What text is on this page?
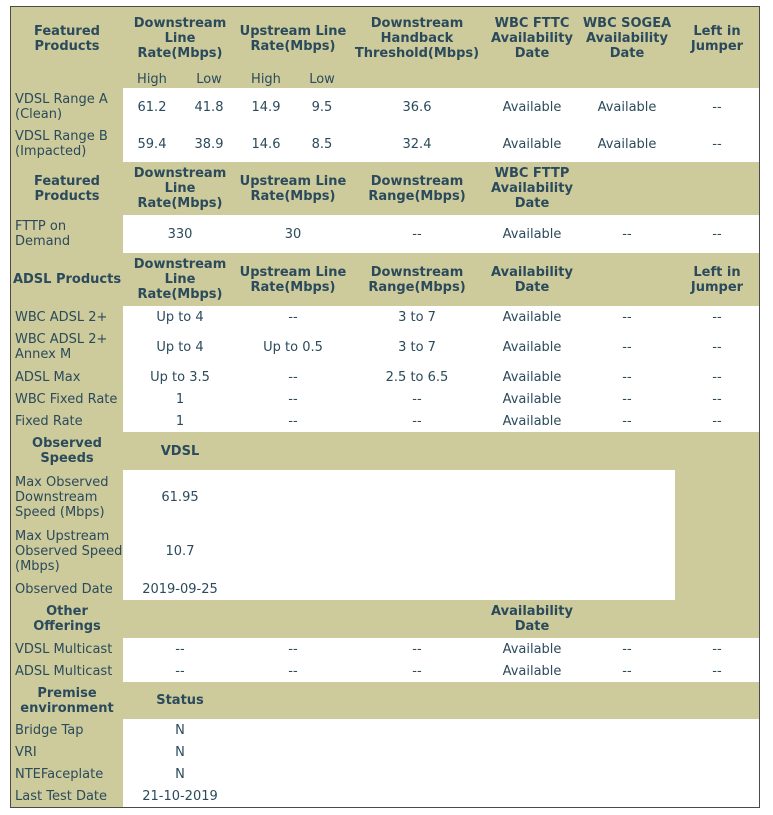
Featured Products	Downstream Line Rate(Mbps)		Upstream Line Rate(Mbps)		Downstream Handback Threshold(Mbps)	WBC FTTC Availability Date	WBC SOGEA Availability Date	Left in Jumper
	High	Low	High	Low				
VDSL Range A (Clean)	61.2	41.8	14.9	9.5	36.6	Available	Available	--
VDSL Range B (Impacted)	59.4	38.9	14.6	8.5	32.4	Available	Available	--
Featured Products	Downstream Line Rate(Mbps)		Upstream Line Rate(Mbps)		Downstream Range(Mbps)	WBC FTTP Availability Date		
FTTP on Demand	330		30		--	Available	--	--
ADSL Products	Downstream Line Rate(Mbps)		Upstream Line Rate(Mbps)		Downstream Range(Mbps)	Availability Date		Left in Jumper
WBC ADSL 2+	Up to 4		--		3 to 7	Available	--	--
WBC ADSL 2+ Annex M	Up to 4		Up to 0.5		3 to 7	Available	--	--
ADSL Max	Up to 3.5		--		2.5 to 6.5	Available	--	--
WBC Fixed Rate	1		--		--	Available	--	--
Fixed Rate	1		--		--	Available	--	--
Observed Speeds	VDSL							
Max Observed Downstream Speed (Mbps)	61.95							
Max Upstream Observed Speed (Mbps)	10.7							
Observed Date	2019-09-25							
Other Offerings						Availability Date		
VDSL Multicast	--		--		--	Available	--	--
ADSL Multicast	--		--		--	Available	--	--
Premise environment	Status							
Bridge Tap	N							
VRI	N							
NTEFaceplate	N							
Last Test Date	21-10-2019							
